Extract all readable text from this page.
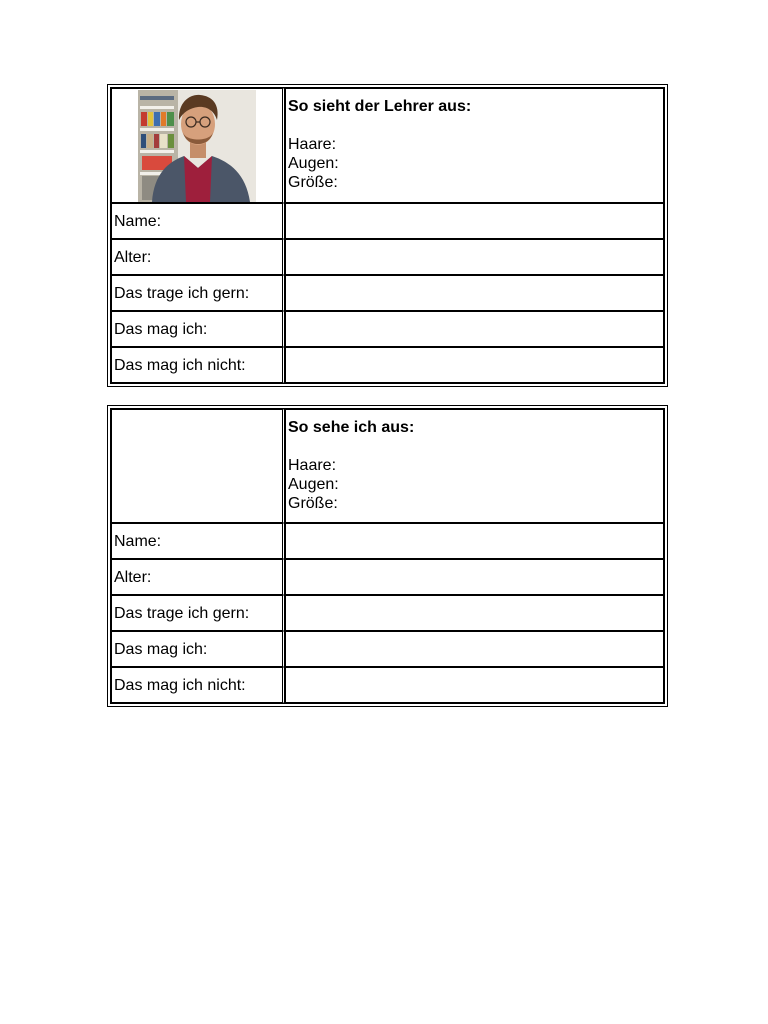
So sieht der Lehrer aus:
Haare:
Augen:
Größe:

Name:	
Alter:	
Das trage ich gern:	
Das mag ich:	
Das mag ich nicht:	

	So sehe ich aus:
Haare:
Augen:
Größe:

Name:	
Alter:	
Das trage ich gern:	
Das mag ich:	
Das mag ich nicht:	
